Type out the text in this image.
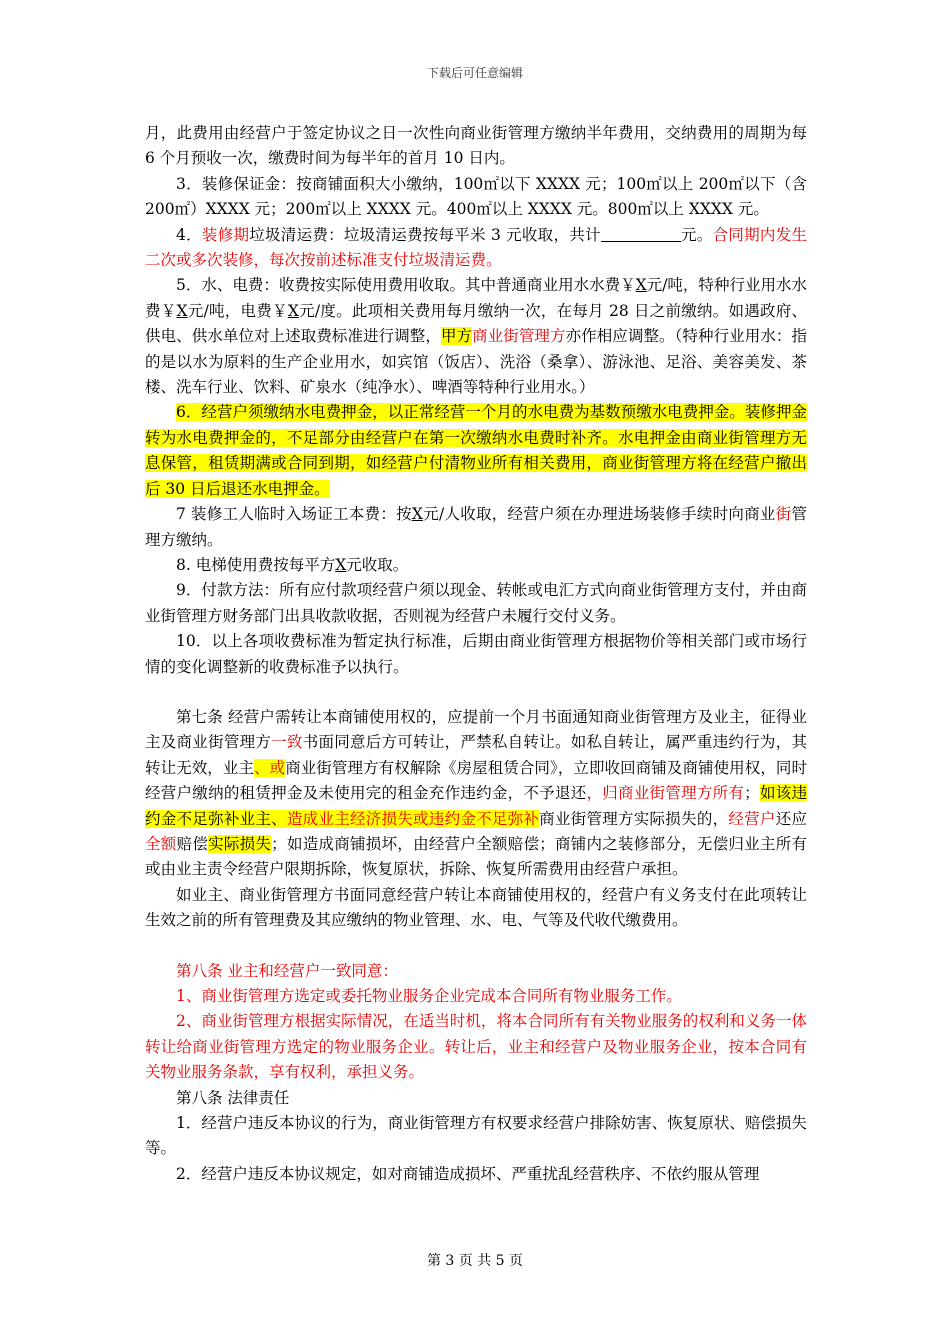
下载后可任意编辑

月，此费用由经营户于签定协议之日一次性向商业街管理方缴纳半年费用，交纳费用的周期为每 6 个月预收一次，缴费时间为每半年的首月 10 日内。

3．装修保证金：按商铺面积大小缴纳，100㎡以下 XXXX 元；100㎡以上 200㎡以下（含 200㎡）XXXX 元；200㎡以上 XXXX 元。400㎡以上 XXXX 元。800㎡以上 XXXX 元。

4．装修期垃圾清运费：垃圾清运费按每平米 3 元收取，共计	元。合同期内发生二次或多次装修，每次按前述标准支付垃圾清运费。

5．水、电费：收费按实际使用费用收取。其中普通商业用水水费￥X元/吨，特种行业用水水费￥X元/吨，电费￥X元/度。此项相关费用每月缴纳一次，在每月 28 日之前缴纳。如遇政府、供电、供水单位对上述取费标准进行调整，甲方商业街管理方亦作相应调整。（特种行业用水：指的是以水为原料的生产企业用水，如宾馆（饭店）、洗浴（桑拿）、游泳池、足浴、美容美发、茶楼、洗车行业、饮料、矿泉水（纯净水）、啤酒等特种行业用水。）

6．经营户须缴纳水电费押金，以正常经营一个月的水电费为基数预缴水电费押金。装修押金转为水电费押金的，不足部分由经营户在第一次缴纳水电费时补齐。水电押金由商业街管理方无息保管，租赁期满或合同到期，如经营户付清物业所有相关费用，商业街管理方将在经营户撤出后 30 日后退还水电押金。

7 装修工人临时入场证工本费：按X元/人收取，经营户须在办理进场装修手续时向商业街管理方缴纳。

8. 电梯使用费按每平方X元收取。

9．付款方法：所有应付款项经营户须以现金、转帐或电汇方式向商业街管理方支付，并由商业街管理方财务部门出具收款收据，否则视为经营户未履行交付义务。

10．以上各项收费标准为暂定执行标准，后期由商业街管理方根据物价等相关部门或市场行情的变化调整新的收费标准予以执行。

第七条 经营户需转让本商铺使用权的，应提前一个月书面通知商业街管理方及业主，征得业主及商业街管理方一致书面同意后方可转让，严禁私自转让。如私自转让，属严重违约行为，其转让无效，业主、或商业街管理方有权解除《房屋租赁合同》，立即收回商铺及商铺使用权，同时经营户缴纳的租赁押金及未使用完的租金充作违约金，不予退还，归商业街管理方所有；如该违约金不足弥补业主、造成业主经济损失或违约金不足弥补商业街管理方实际损失的，经营户还应全额赔偿实际损失；如造成商铺损坏，由经营户全额赔偿；商铺内之装修部分，无偿归业主所有或由业主责令经营户限期拆除，恢复原状，拆除、恢复所需费用由经营户承担。

如业主、商业街管理方书面同意经营户转让本商铺使用权的，经营户有义务支付在此项转让生效之前的所有管理费及其应缴纳的物业管理、水、电、气等及代收代缴费用。

第八条 业主和经营户一致同意：

1、商业街管理方选定或委托物业服务企业完成本合同所有物业服务工作。

2、商业街管理方根据实际情况，在适当时机，将本合同所有有关物业服务的权利和义务一体转让给商业街管理方选定的物业服务企业。转让后，业主和经营户及物业服务企业，按本合同有关物业服务条款，享有权利，承担义务。

第八条 法律责任

1．经营户违反本协议的行为，商业街管理方有权要求经营户排除妨害、恢复原状、赔偿损失等。

2．经营户违反本协议规定，如对商铺造成损坏、严重扰乱经营秩序、不依约服从管理

第 3 页 共 5 页
